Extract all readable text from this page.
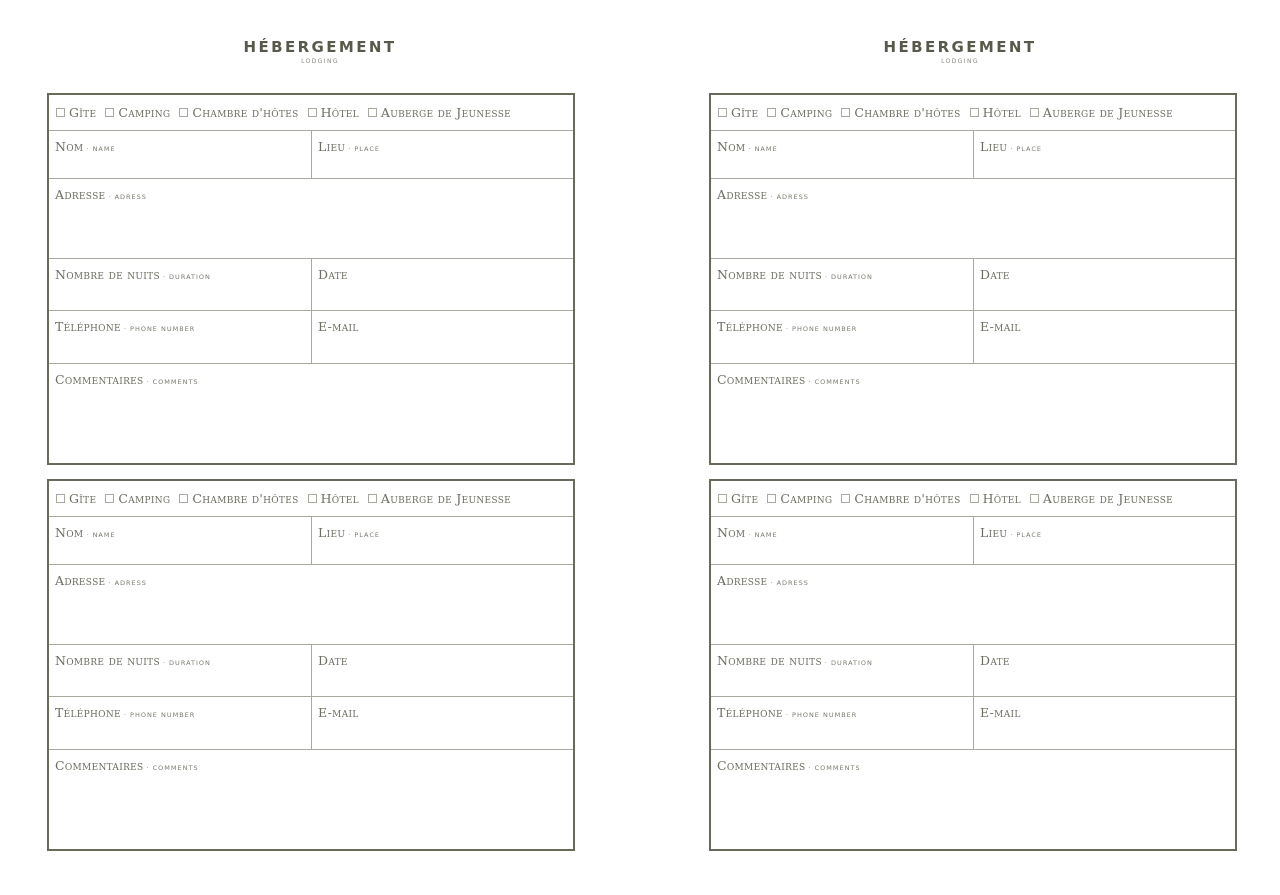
HÉBERGEMENT
LODGING
Gîte Camping Chambre d'hôtes Hôtel Auberge de Jeunesse
Nom · NAME	Lieu · PLACE
Adresse · ADRESS
Nombre de nuits · DURATION	Date
Téléphone · PHONE NUMBER	E-mail
Commentaires · COMMENTS
Gîte Camping Chambre d'hôtes Hôtel Auberge de Jeunesse
Nom · NAME	Lieu · PLACE
Adresse · ADRESS
Nombre de nuits · DURATION	Date
Téléphone · PHONE NUMBER	E-mail
Commentaires · COMMENTS
HÉBERGEMENT
LODGING
Gîte Camping Chambre d'hôtes Hôtel Auberge de Jeunesse
Nom · NAME	Lieu · PLACE
Adresse · ADRESS
Nombre de nuits · DURATION	Date
Téléphone · PHONE NUMBER	E-mail
Commentaires · COMMENTS
Gîte Camping Chambre d'hôtes Hôtel Auberge de Jeunesse
Nom · NAME	Lieu · PLACE
Adresse · ADRESS
Nombre de nuits · DURATION	Date
Téléphone · PHONE NUMBER	E-mail
Commentaires · COMMENTS
